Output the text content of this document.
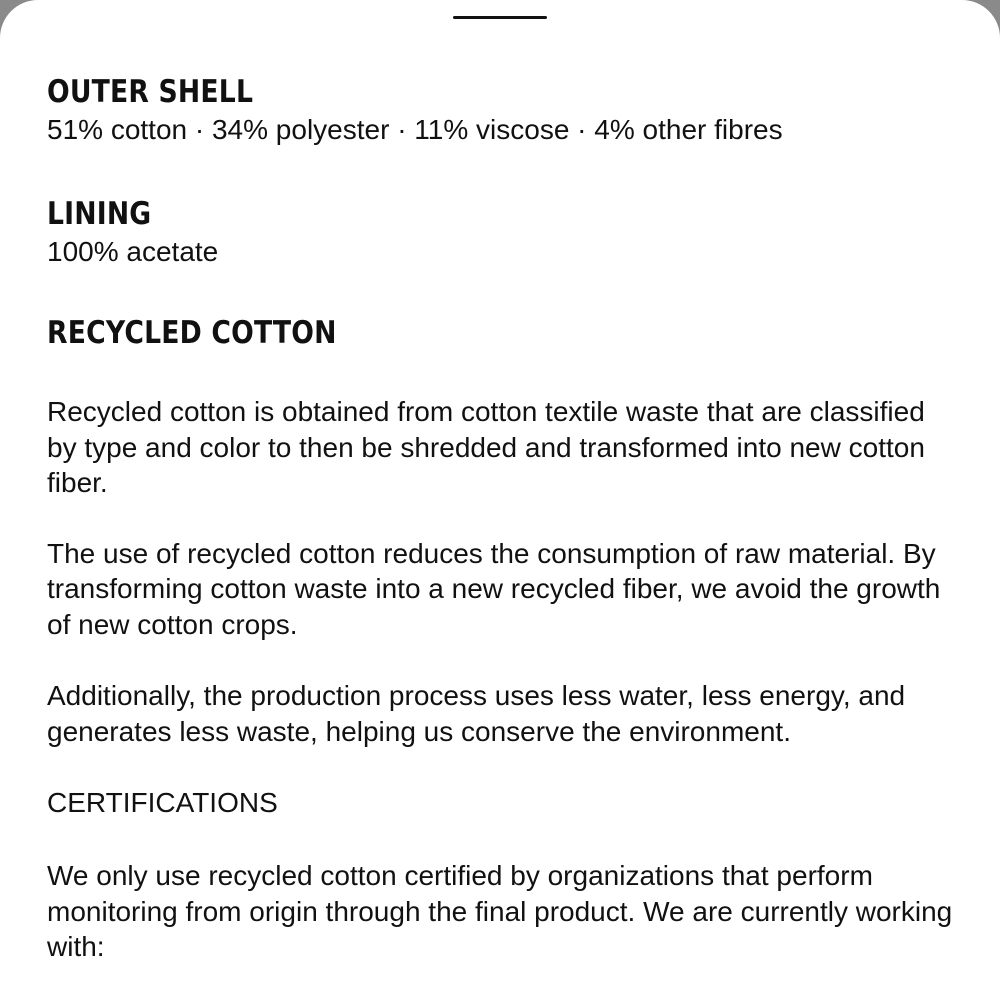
OUTER SHELL

51% cotton · 34% polyester · 11% viscose · 4% other fibres

LINING

100% acetate

RECYCLED COTTON

Recycled cotton is obtained from cotton textile waste that are classified by type and color to then be shredded and transformed into new cotton fiber.

The use of recycled cotton reduces the consumption of raw material. By transforming cotton waste into a new recycled fiber, we avoid the growth of new cotton crops.

Additionally, the production process uses less water, less energy, and generates less waste, helping us conserve the environment.

CERTIFICATIONS

We only use recycled cotton certified by organizations that perform monitoring from origin through the final product. We are currently working with:
